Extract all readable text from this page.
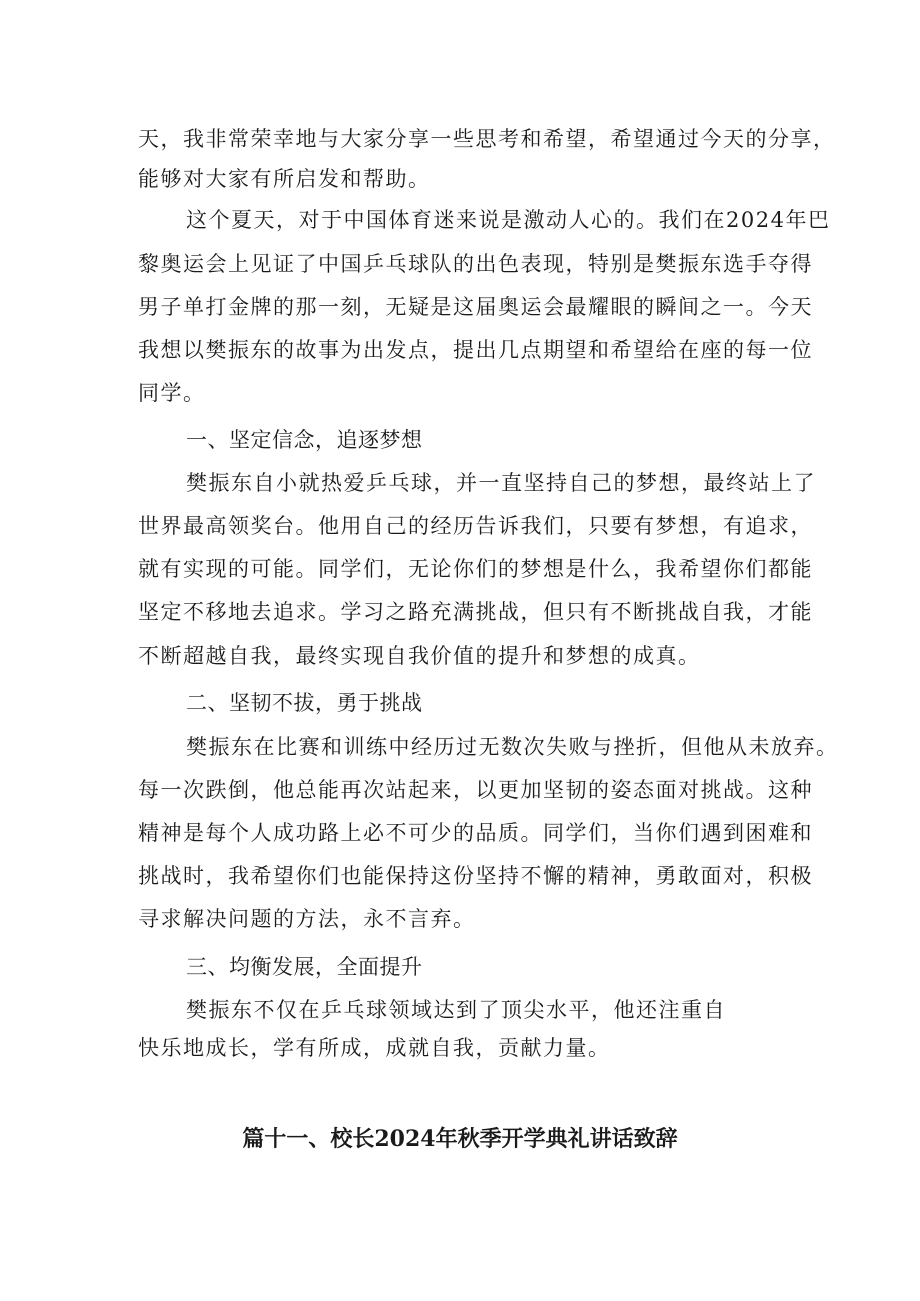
天，我非常荣幸地与大家分享一些思考和希望，希望通过今天的分享，
能够对大家有所启发和帮助。
这个夏天，对于中国体育迷来说是激动人心的。我们在2024年巴
黎奥运会上见证了中国乒乓球队的出色表现，特别是樊振东选手夺得
男子单打金牌的那一刻，无疑是这届奥运会最耀眼的瞬间之一。今天
我想以樊振东的故事为出发点，提出几点期望和希望给在座的每一位
同学。
一、坚定信念，追逐梦想
樊振东自小就热爱乒乓球，并一直坚持自己的梦想，最终站上了
世界最高领奖台。他用自己的经历告诉我们，只要有梦想，有追求，
就有实现的可能。同学们，无论你们的梦想是什么，我希望你们都能
坚定不移地去追求。学习之路充满挑战，但只有不断挑战自我，才能
不断超越自我，最终实现自我价值的提升和梦想的成真。
二、坚韧不拔，勇于挑战
樊振东在比赛和训练中经历过无数次失败与挫折，但他从未放弃。
每一次跌倒，他总能再次站起来，以更加坚韧的姿态面对挑战。这种
精神是每个人成功路上必不可少的品质。同学们，当你们遇到困难和
挑战时，我希望你们也能保持这份坚持不懈的精神，勇敢面对，积极
寻求解决问题的方法，永不言弃。
三、均衡发展，全面提升
樊振东不仅在乒乓球领域达到了顶尖水平，他还注重自
快乐地成长，学有所成，成就自我，贡献力量。
篇十一、校长2024年秋季开学典礼讲话致辞
